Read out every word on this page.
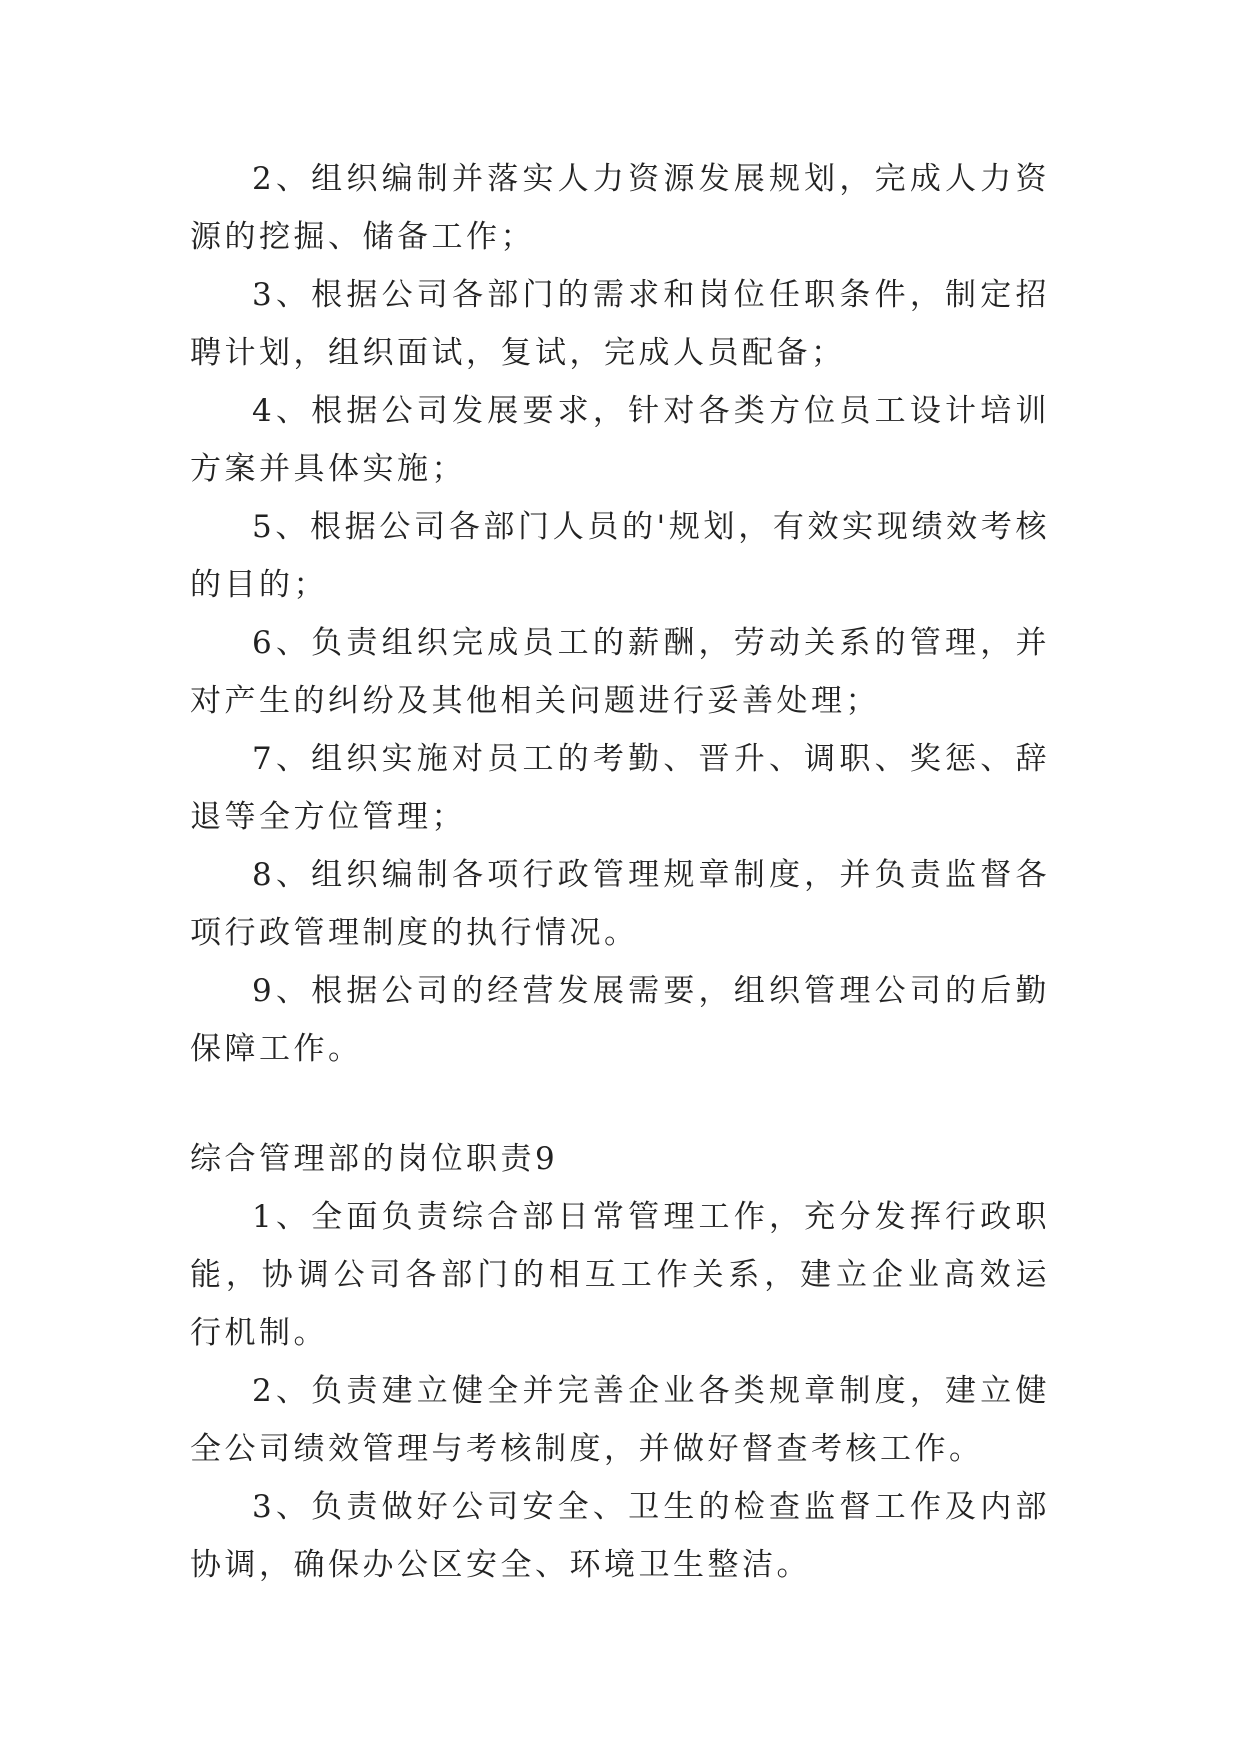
2、组织编制并落实人力资源发展规划，完成人力资源的挖掘、储备工作；

3、根据公司各部门的需求和岗位任职条件，制定招聘计划，组织面试，复试，完成人员配备；

4、根据公司发展要求，针对各类方位员工设计培训方案并具体实施；

5、根据公司各部门人员的'规划，有效实现绩效考核的目的；

6、负责组织完成员工的薪酬，劳动关系的管理，并对产生的纠纷及其他相关问题进行妥善处理；

7、组织实施对员工的考勤、晋升、调职、奖惩、辞退等全方位管理；

8、组织编制各项行政管理规章制度，并负责监督各项行政管理制度的执行情况。

9、根据公司的经营发展需要，组织管理公司的后勤保障工作。

综合管理部的岗位职责9

1、全面负责综合部日常管理工作，充分发挥行政职能，协调公司各部门的相互工作关系，建立企业高效运行机制。

2、负责建立健全并完善企业各类规章制度，建立健全公司绩效管理与考核制度，并做好督查考核工作。

3、负责做好公司安全、卫生的检查监督工作及内部协调，确保办公区安全、环境卫生整洁。
